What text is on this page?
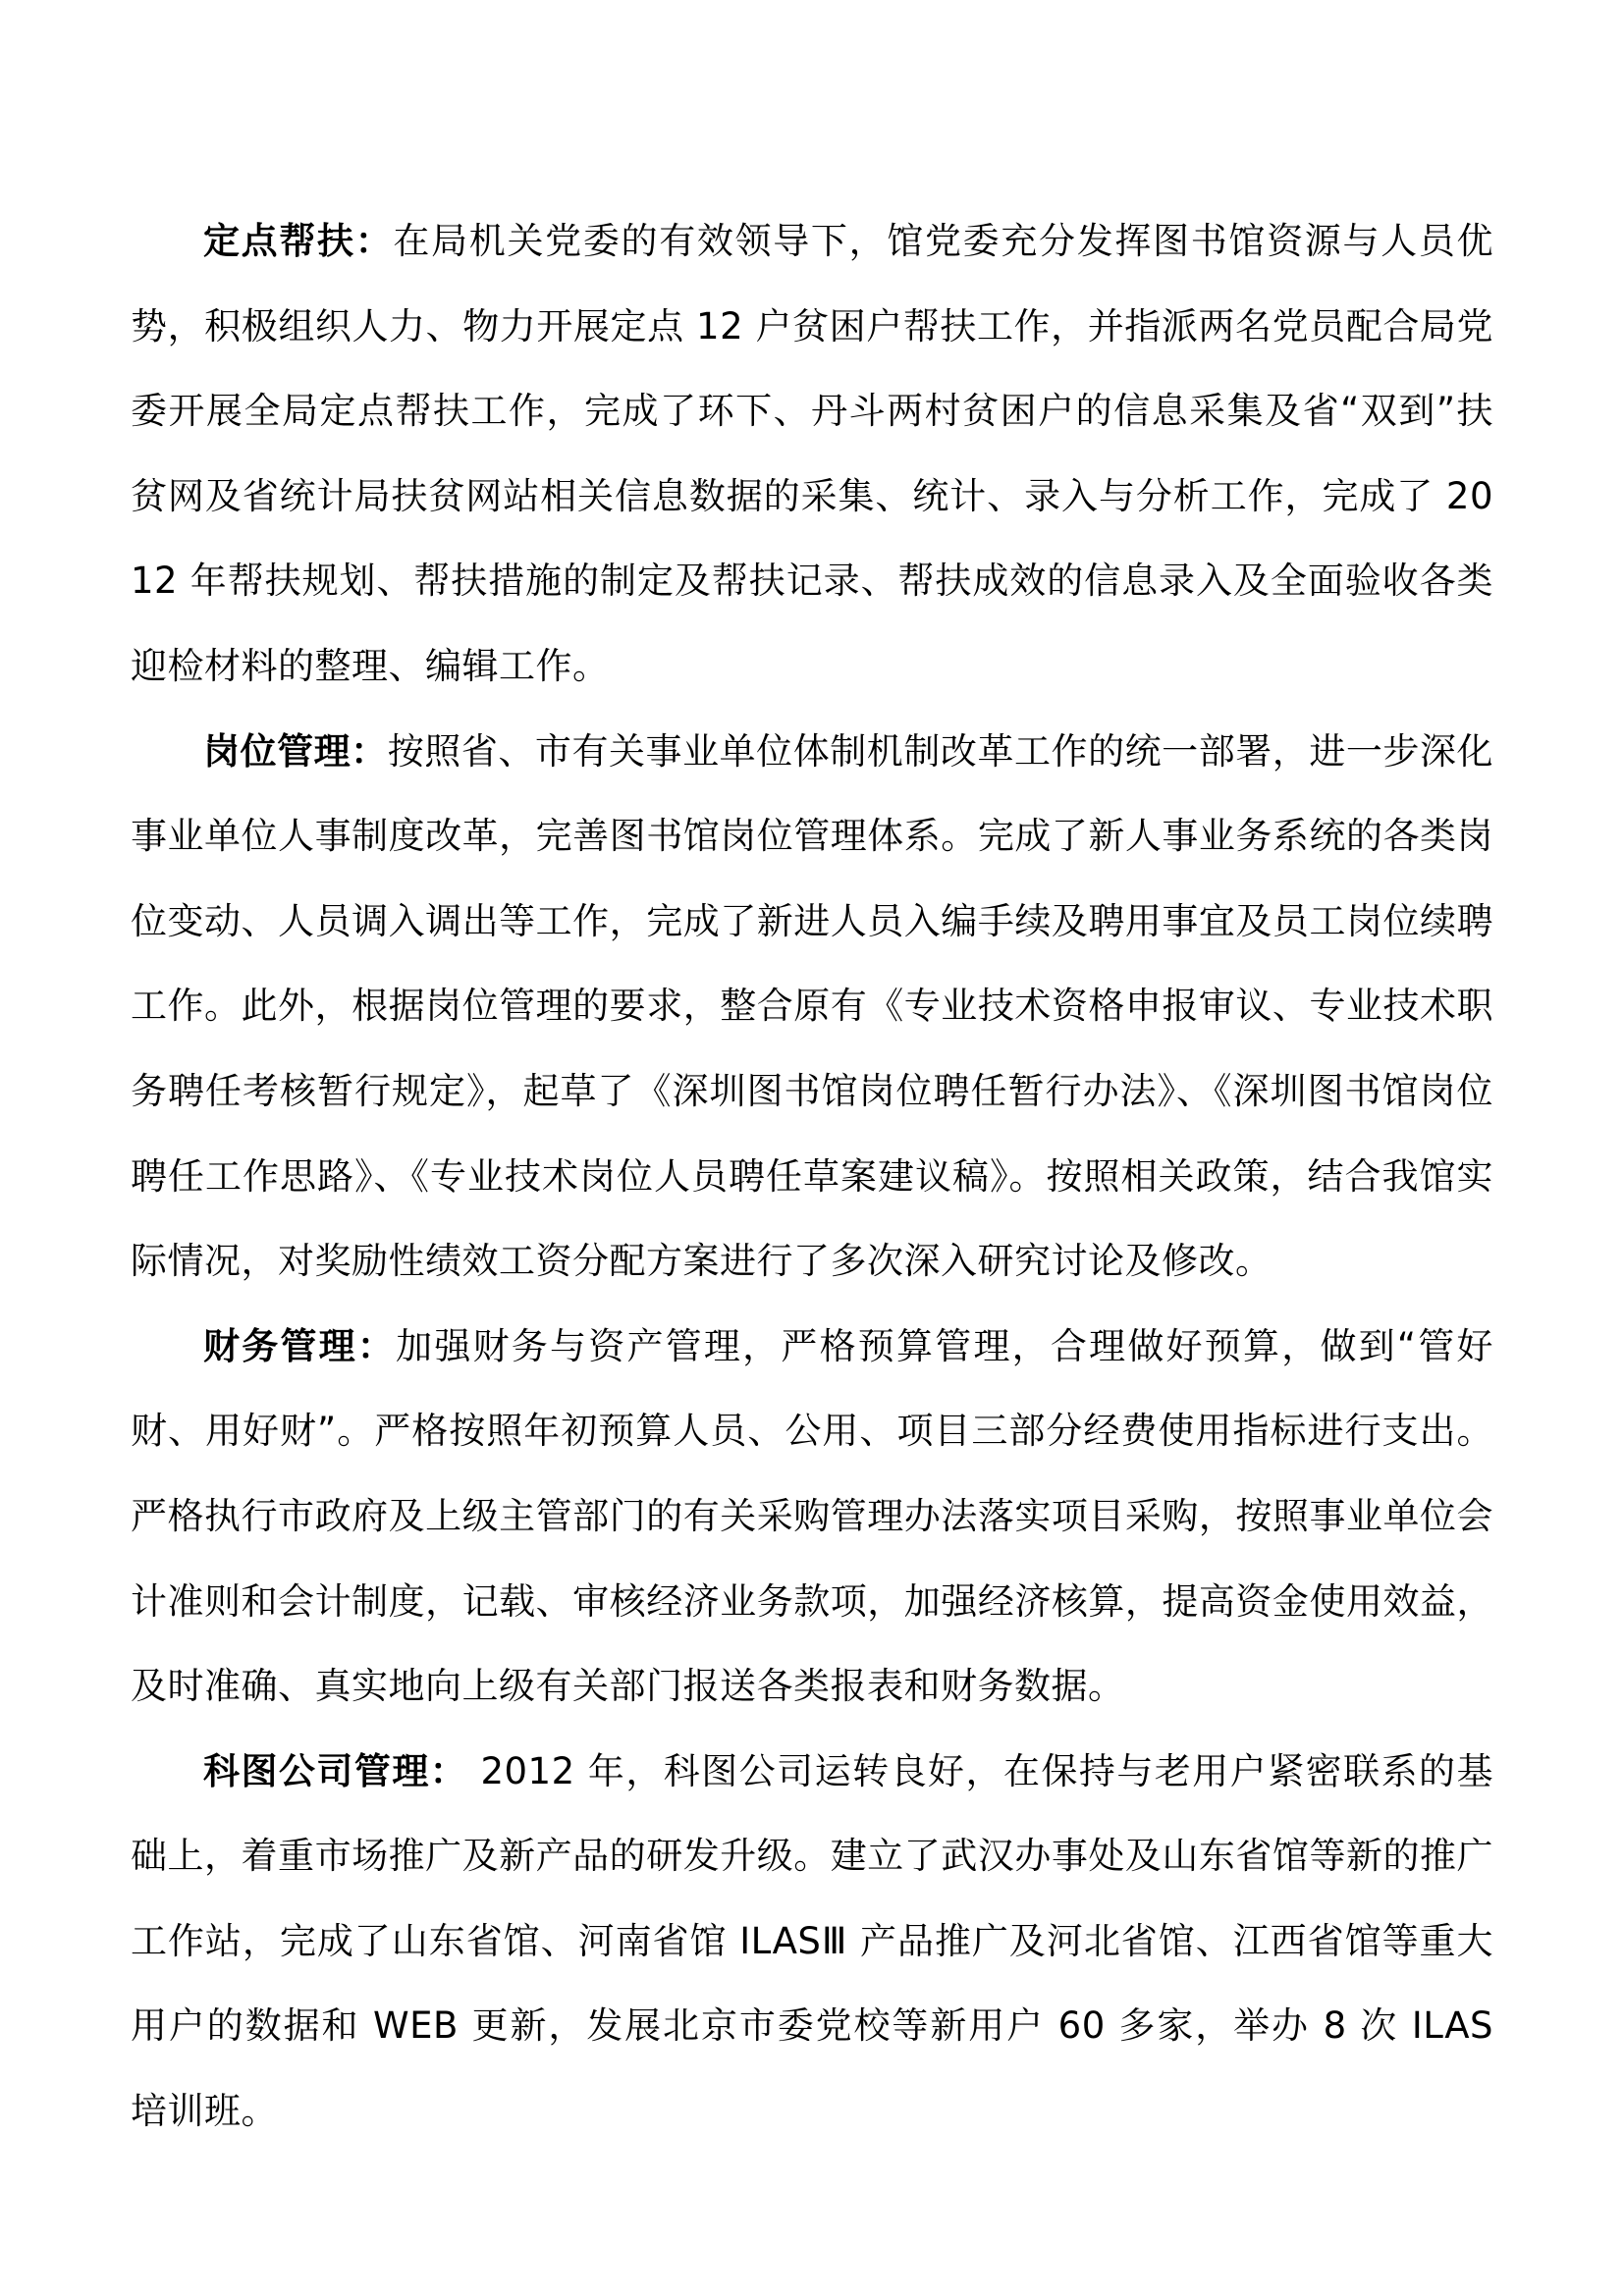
定点帮扶：在局机关党委的有效领导下，馆党委充分发挥图书馆资源与人员优势，积极组织人力、物力开展定点 12 户贫困户帮扶工作，并指派两名党员配合局党委开展全局定点帮扶工作，完成了环下、丹斗两村贫困户的信息采集及省“双到”扶贫网及省统计局扶贫网站相关信息数据的采集、统计、录入与分析工作，完成了 2012 年帮扶规划、帮扶措施的制定及帮扶记录、帮扶成效的信息录入及全面验收各类迎检材料的整理、编辑工作。

岗位管理：按照省、市有关事业单位体制机制改革工作的统一部署，进一步深化事业单位人事制度改革，完善图书馆岗位管理体系。完成了新人事业务系统的各类岗位变动、人员调入调出等工作，完成了新进人员入编手续及聘用事宜及员工岗位续聘工作。此外，根据岗位管理的要求，整合原有《专业技术资格申报审议、专业技术职务聘任考核暂行规定》，起草了《深圳图书馆岗位聘任暂行办法》、《深圳图书馆岗位聘任工作思路》、《专业技术岗位人员聘任草案建议稿》。按照相关政策，结合我馆实际情况，对奖励性绩效工资分配方案进行了多次深入研究讨论及修改。

财务管理：加强财务与资产管理，严格预算管理，合理做好预算，做到“管好财、用好财”。严格按照年初预算人员、公用、项目三部分经费使用指标进行支出。严格执行市政府及上级主管部门的有关采购管理办法落实项目采购，按照事业单位会计准则和会计制度，记载、审核经济业务款项，加强经济核算，提高资金使用效益，及时准确、真实地向上级有关部门报送各类报表和财务数据。

科图公司管理： 2012 年，科图公司运转良好，在保持与老用户紧密联系的基础上，着重市场推广及新产品的研发升级。建立了武汉办事处及山东省馆等新的推广工作站，完成了山东省馆、河南省馆 ILASⅢ 产品推广及河北省馆、江西省馆等重大用户的数据和 WEB 更新，发展北京市委党校等新用户 60 多家，举办 8 次 ILAS 培训班。
